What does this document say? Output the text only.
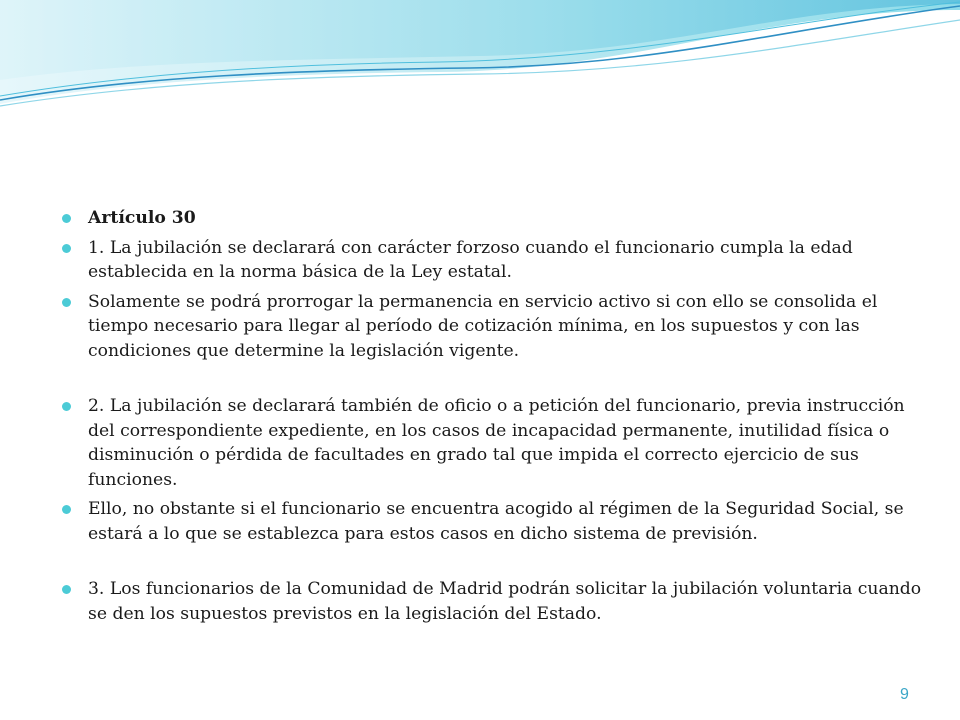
Artículo 30
1. La jubilación se declarará con carácter forzoso cuando el funcionario cumpla la edad establecida en la norma básica de la Ley estatal.
Solamente se podrá prorrogar la permanencia en servicio activo si con ello se consolida el tiempo necesario para llegar al período de cotización mínima, en los supuestos y con las condiciones que determine la legislación vigente.
2. La jubilación se declarará también de oficio o a petición del funcionario, previa instrucción del correspondiente expediente, en los casos de incapacidad permanente, inutilidad física o disminución o pérdida de facultades en grado tal que impida el correcto ejercicio de sus funciones.
Ello, no obstante si el funcionario se encuentra acogido al régimen de la Seguridad Social, se estará a lo que se establezca para estos casos en dicho sistema de previsión.
3. Los funcionarios de la Comunidad de Madrid podrán solicitar la jubilación voluntaria cuando se den los supuestos previstos en la legislación del Estado.
9
